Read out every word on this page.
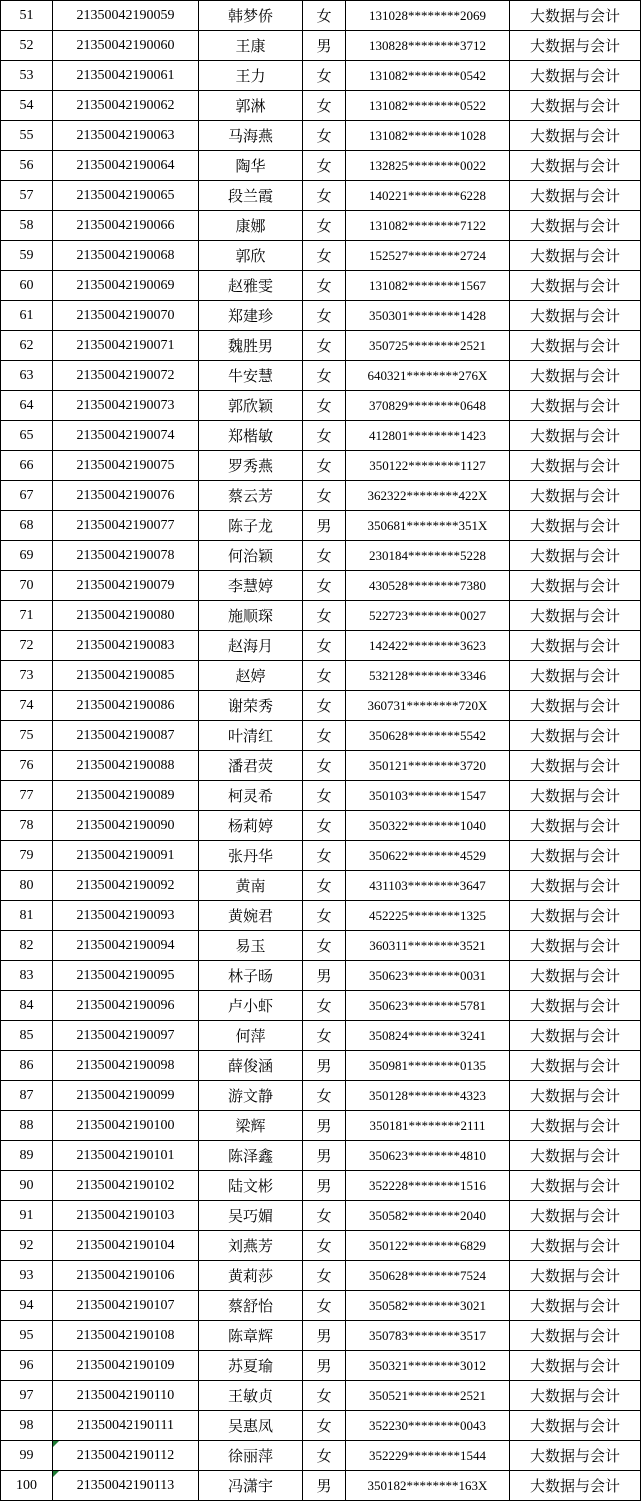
51	21350042190059	韩梦侨	女	131028********2069	大数据与会计
52	21350042190060	王康	男	130828********3712	大数据与会计
53	21350042190061	王力	女	131082********0542	大数据与会计
54	21350042190062	郭淋	女	131082********0522	大数据与会计
55	21350042190063	马海燕	女	131082********1028	大数据与会计
56	21350042190064	陶华	女	132825********0022	大数据与会计
57	21350042190065	段兰霞	女	140221********6228	大数据与会计
58	21350042190066	康娜	女	131082********7122	大数据与会计
59	21350042190068	郭欣	女	152527********2724	大数据与会计
60	21350042190069	赵雅雯	女	131082********1567	大数据与会计
61	21350042190070	郑建珍	女	350301********1428	大数据与会计
62	21350042190071	魏胜男	女	350725********2521	大数据与会计
63	21350042190072	牛安慧	女	640321********276X	大数据与会计
64	21350042190073	郭欣颖	女	370829********0648	大数据与会计
65	21350042190074	郑楷敏	女	412801********1423	大数据与会计
66	21350042190075	罗秀燕	女	350122********1127	大数据与会计
67	21350042190076	蔡云芳	女	362322********422X	大数据与会计
68	21350042190077	陈子龙	男	350681********351X	大数据与会计
69	21350042190078	何治颖	女	230184********5228	大数据与会计
70	21350042190079	李慧婷	女	430528********7380	大数据与会计
71	21350042190080	施顺琛	女	522723********0027	大数据与会计
72	21350042190083	赵海月	女	142422********3623	大数据与会计
73	21350042190085	赵婷	女	532128********3346	大数据与会计
74	21350042190086	谢荣秀	女	360731********720X	大数据与会计
75	21350042190087	叶清红	女	350628********5542	大数据与会计
76	21350042190088	潘君荧	女	350121********3720	大数据与会计
77	21350042190089	柯灵希	女	350103********1547	大数据与会计
78	21350042190090	杨莉婷	女	350322********1040	大数据与会计
79	21350042190091	张丹华	女	350622********4529	大数据与会计
80	21350042190092	黄南	女	431103********3647	大数据与会计
81	21350042190093	黄婉君	女	452225********1325	大数据与会计
82	21350042190094	易玉	女	360311********3521	大数据与会计
83	21350042190095	林子旸	男	350623********0031	大数据与会计
84	21350042190096	卢小虾	女	350623********5781	大数据与会计
85	21350042190097	何萍	女	350824********3241	大数据与会计
86	21350042190098	薛俊涵	男	350981********0135	大数据与会计
87	21350042190099	游文静	女	350128********4323	大数据与会计
88	21350042190100	梁辉	男	350181********2111	大数据与会计
89	21350042190101	陈泽鑫	男	350623********4810	大数据与会计
90	21350042190102	陆文彬	男	352228********1516	大数据与会计
91	21350042190103	吴巧媚	女	350582********2040	大数据与会计
92	21350042190104	刘燕芳	女	350122********6829	大数据与会计
93	21350042190106	黄莉莎	女	350628********7524	大数据与会计
94	21350042190107	蔡舒怡	女	350582********3021	大数据与会计
95	21350042190108	陈章辉	男	350783********3517	大数据与会计
96	21350042190109	苏夏瑜	男	350321********3012	大数据与会计
97	21350042190110	王敏贞	女	350521********2521	大数据与会计
98	21350042190111	吴惠凤	女	352230********0043	大数据与会计
99	21350042190112	徐丽萍	女	352229********1544	大数据与会计
100	21350042190113	冯潇宇	男	350182********163X	大数据与会计
